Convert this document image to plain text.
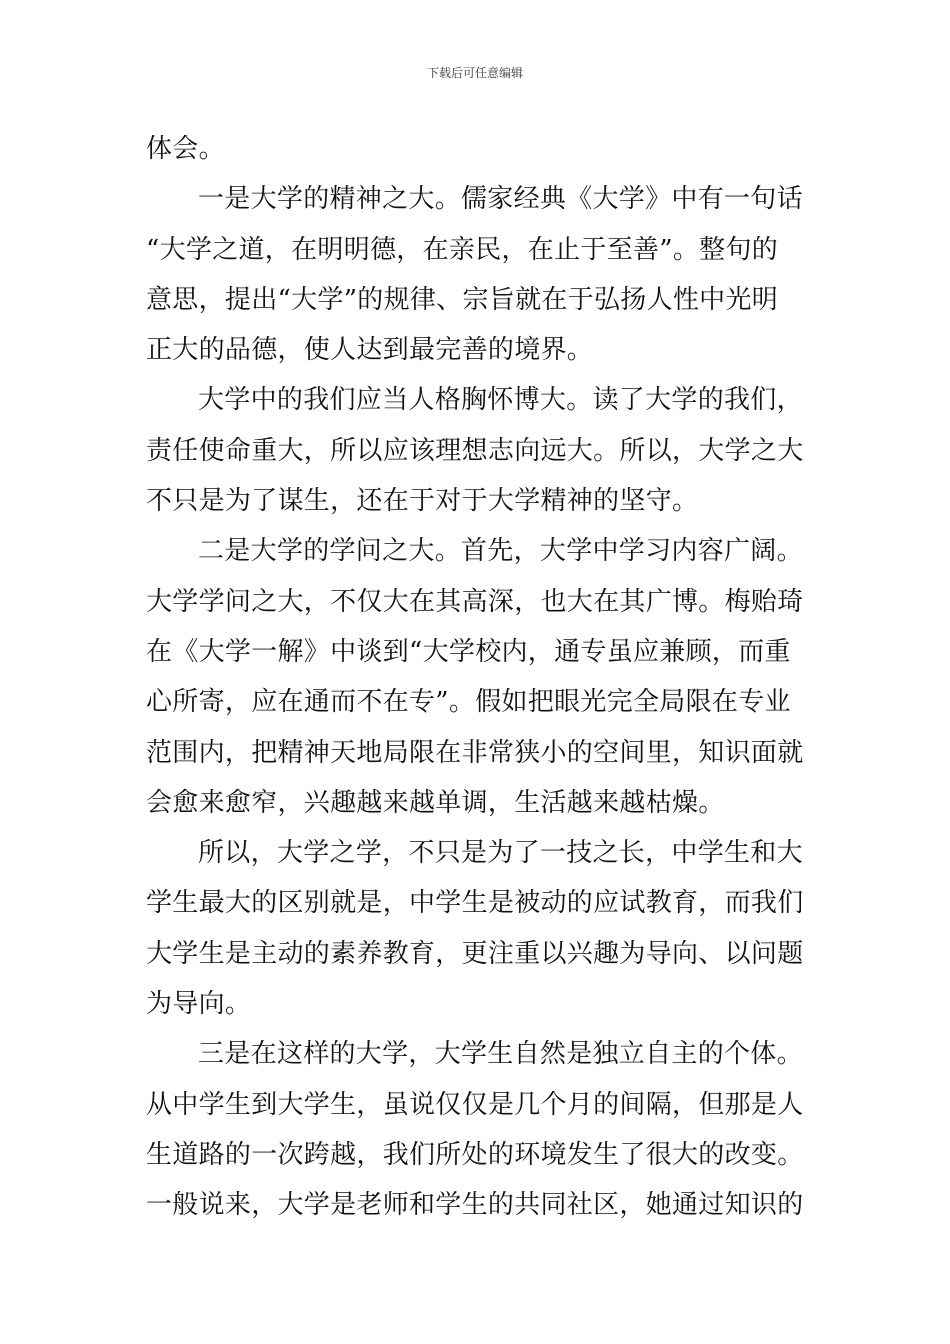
下载后可任意编辑
体会。
一是大学的精神之大。儒家经典《大学》中有一句话
“大学之道，在明明德，在亲民，在止于至善”。整句的
意思，提出“大学”的规律、宗旨就在于弘扬人性中光明
正大的品德，使人达到最完善的境界。
大学中的我们应当人格胸怀博大。读了大学的我们，
责任使命重大，所以应该理想志向远大。所以，大学之大
不只是为了谋生，还在于对于大学精神的坚守。
二是大学的学问之大。首先，大学中学习内容广阔。
大学学问之大，不仅大在其高深，也大在其广博。梅贻琦
在《大学一解》中谈到“大学校内，通专虽应兼顾，而重
心所寄，应在通而不在专”。假如把眼光完全局限在专业
范围内，把精神天地局限在非常狭小的空间里，知识面就
会愈来愈窄，兴趣越来越单调，生活越来越枯燥。
所以，大学之学，不只是为了一技之长，中学生和大
学生最大的区别就是，中学生是被动的应试教育，而我们
大学生是主动的素养教育，更注重以兴趣为导向、以问题
为导向。
三是在这样的大学，大学生自然是独立自主的个体。
从中学生到大学生，虽说仅仅是几个月的间隔，但那是人
生道路的一次跨越，我们所处的环境发生了很大的改变。
一般说来，大学是老师和学生的共同社区，她通过知识的
